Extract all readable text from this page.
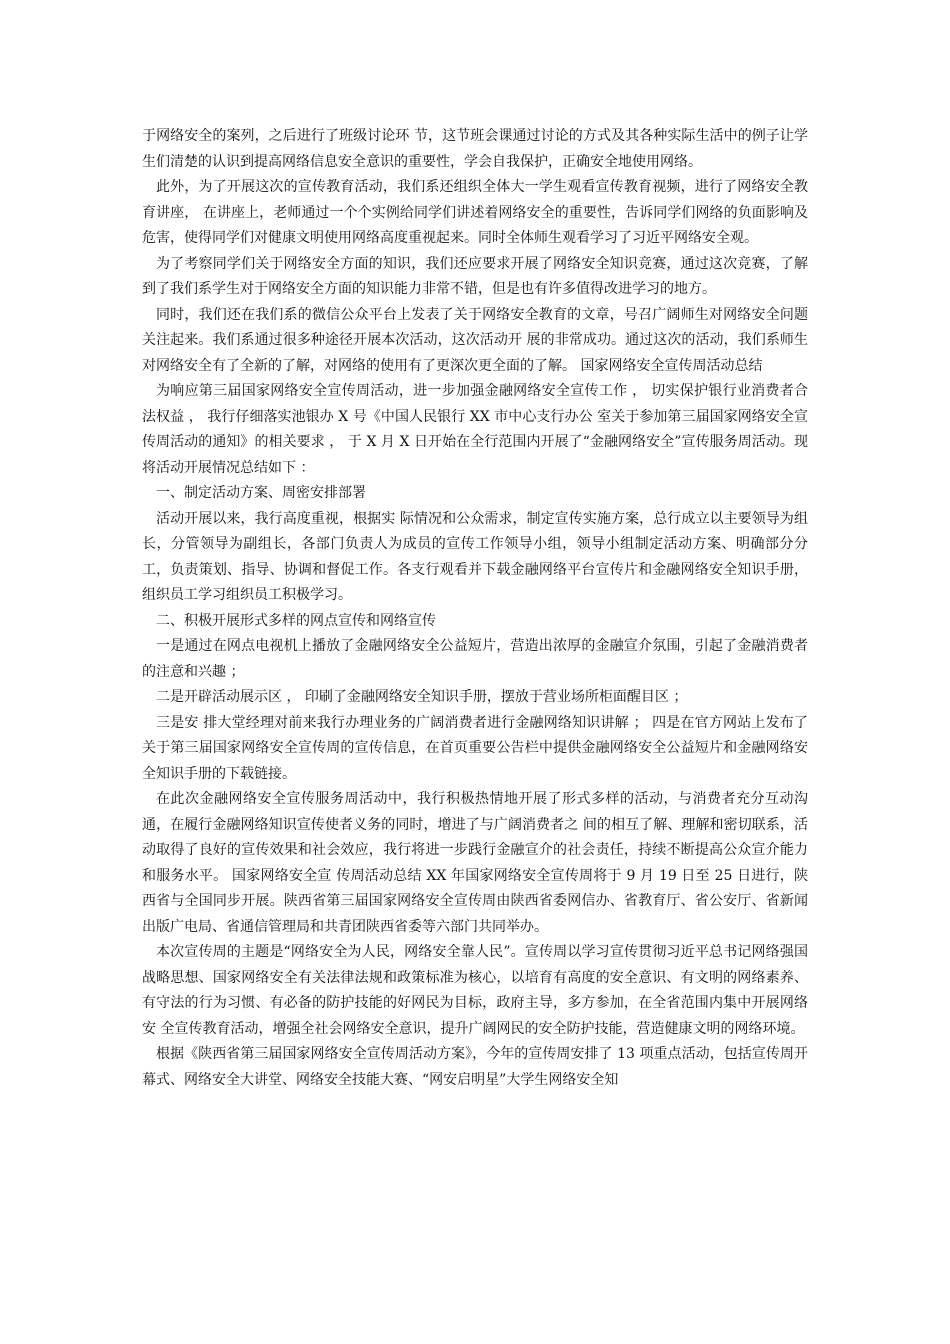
于网络安全的案列，之后进行了班级讨论环 节，这节班会课通过讨论的方式及其各种实际生活中的例子让学生们清楚的认识到提高网络信息安全意识的重要性，学会自我保护，正确安全地使用网络。

此外，为了开展这次的宣传教育活动，我们系还组织全体大一学生观看宣传教育视频，进行了网络安全教育讲座， 在讲座上，老师通过一个个实例给同学们讲述着网络安全的重要性，告诉同学们网络的负面影响及危害，使得同学们对健康文明使用网络高度重视起来。同时全体师生观看学习了习近平网络安全观。

为了考察同学们关于网络安全方面的知识，我们还应要求开展了网络安全知识竞赛，通过这次竞赛，了解到了我们系学生对于网络安全方面的知识能力非常不错，但是也有许多值得改进学习的地方。

同时，我们还在我们系的微信公众平台上发表了关于网络安全教育的文章，号召广阔师生对网络安全问题关注起来。我们系通过很多种途径开展本次活动，这次活动开 展的非常成功。通过这次的活动，我们系师生对网络安全有了全新的了解，对网络的使用有了更深次更全面的了解。 国家网络安全宣传周活动总结

为响应第三届国家网络安全宣传周活动，进一步加强金融网络安全宣传工作 ， 切实保护银行业消费者合法权益 ， 我行仔细落实池银办 X 号《中国人民银行 XX 市中心支行办公 室关于参加第三届国家网络安全宣传周活动的通知》的相关要求 ， 于 X 月 X 日开始在全行范围内开展了“金融网络安全”宣传服务周活动。现将活动开展情况总结如下 ：

一、制定活动方案、周密安排部署

活动开展以来，我行高度重视，根据实 际情况和公众需求，制定宣传实施方案，总行成立以主要领导为组长，分管领导为副组长，各部门负责人为成员的宣传工作领导小组，领导小组制定活动方案、明确部分分工，负责策划、指导、协调和督促工作。各支行观看并下载金融网络平台宣传片和金融网络安全知识手册，组织员工学习组织员工积极学习。

二、积极开展形式多样的网点宣传和网络宣传

一是通过在网点电视机上播放了金融网络安全公益短片，营造出浓厚的金融宣介氛围，引起了金融消费者的注意和兴趣 ；

二是开辟活动展示区 ， 印刷了金融网络安全知识手册，摆放于营业场所柜面醒目区 ；

三是安 排大堂经理对前来我行办理业务的广阔消费者进行金融网络知识讲解 ； 四是在官方网站上发布了关于第三届国家网络安全宣传周的宣传信息，在首页重要公告栏中提供金融网络安全公益短片和金融网络安全知识手册的下载链接。

在此次金融网络安全宣传服务周活动中，我行积极热情地开展了形式多样的活动，与消费者充分互动沟通，在履行金融网络知识宣传使者义务的同时，增进了与广阔消费者之 间的相互了解、理解和密切联系，活动取得了良好的宣传效果和社会效应，我行将进一步践行金融宣介的社会责任，持续不断提高公众宣介能力和服务水平。 国家网络安全宣 传周活动总结 XX 年国家网络安全宣传周将于 9 月 19 日至 25 日进行，陕西省与全国同步开展。陕西省第三届国家网络安全宣传周由陕西省委网信办、省教育厅、省公安厅、省新闻出版广电局、省通信管理局和共青团陕西省委等六部门共同举办。

本次宣传周的主题是“网络安全为人民，网络安全靠人民”。宣传周以学习宣传贯彻习近平总书记网络强国战略思想、国家网络安全有关法律法规和政策标准为核心，以培育有高度的安全意识、有文明的网络素养、有守法的行为习惯、有必备的防护技能的好网民为目标，政府主导，多方参加，在全省范围内集中开展网络安 全宣传教育活动，增强全社会网络安全意识，提升广阔网民的安全防护技能，营造健康文明的网络环境。

根据《陕西省第三届国家网络安全宣传周活动方案》，今年的宣传周安排了 13 项重点活动，包括宣传周开幕式、网络安全大讲堂、网络安全技能大赛、“网安启明星”大学生网络安全知
